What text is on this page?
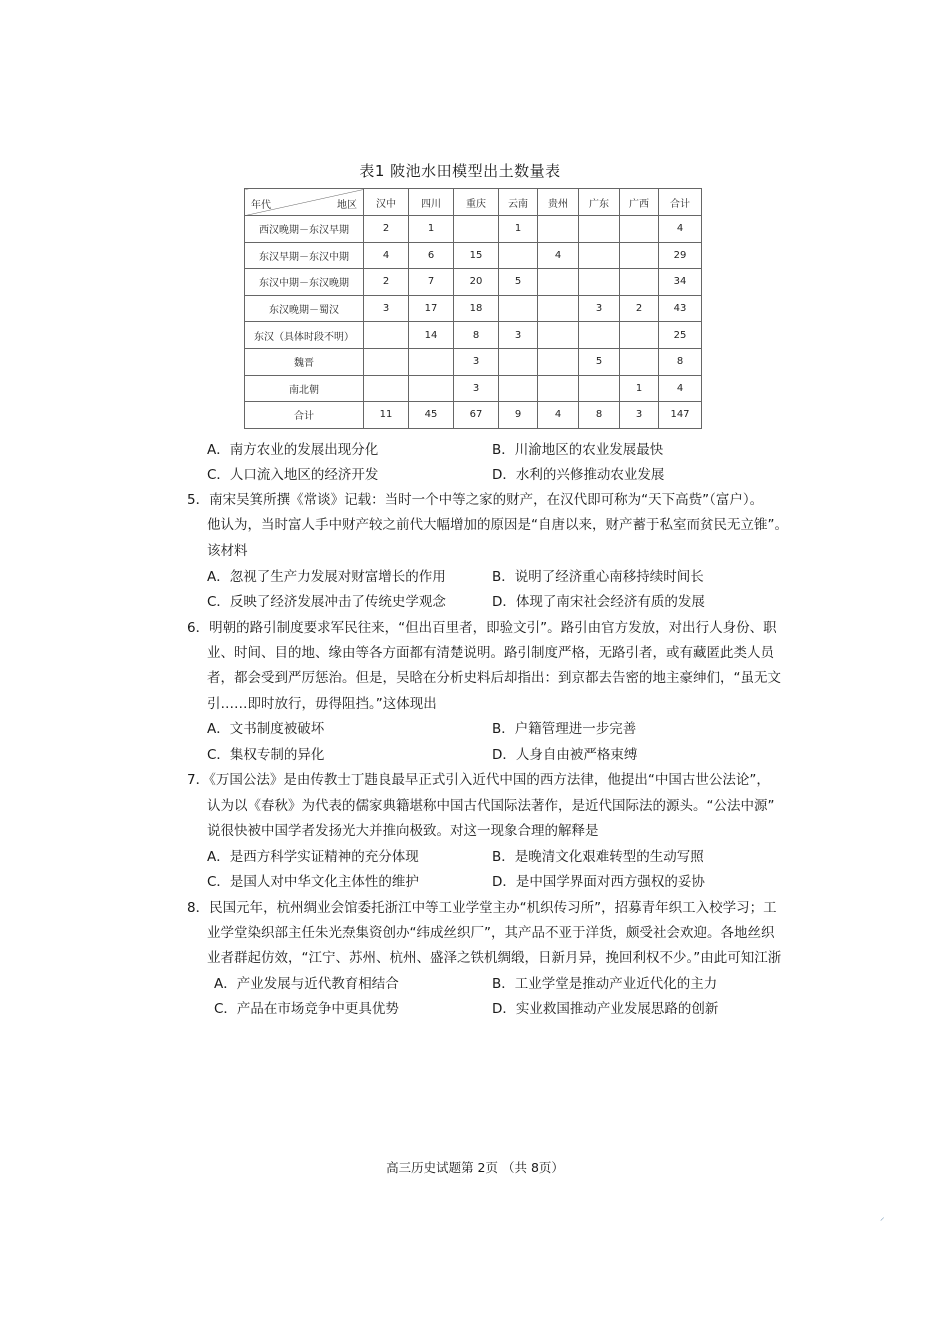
表1 陂池水田模型出土数量表
年代 地区	汉中	四川	重庆	云南	贵州	广东	广西	合计
西汉晚期－东汉早期	2	1		1				4
东汉早期－东汉中期	4	6	15		4			29
东汉中期－东汉晚期	2	7	20	5				34
东汉晚期－蜀汉	3	17	18			3	2	43
东汉（具体时段不明）		14	8	3				25
魏晋			3			5		8
南北朝			3				1	4
合计	11	45	67	9	4	8	3	147
A．南方农业的发展出现分化	B．川渝地区的农业发展最快
C．人口流入地区的经济开发	D．水利的兴修推动农业发展
5．南宋吴箕所撰《常谈》记载：当时一个中等之家的财产，在汉代即可称为“天下高赀”（富户）。
他认为，当时富人手中财产较之前代大幅增加的原因是“自唐以来，财产蓄于私室而贫民无立锥”。
该材料
A．忽视了生产力发展对财富增长的作用	B．说明了经济重心南移持续时间长
C．反映了经济发展冲击了传统史学观念	D．体现了南宋社会经济有质的发展
6．明朝的路引制度要求军民往来，“但出百里者，即验文引”。路引由官方发放，对出行人身份、职
业、时间、目的地、缘由等各方面都有清楚说明。路引制度严格，无路引者，或有藏匿此类人员
者，都会受到严厉惩治。但是，吴晗在分析史料后却指出：到京都去告密的地主豪绅们，“虽无文
引……即时放行，毋得阻挡。”这体现出
A．文书制度被破坏	B．户籍管理进一步完善
C．集权专制的异化	D．人身自由被严格束缚
7．《万国公法》是由传教士丁韪良最早正式引入近代中国的西方法律，他提出“中国古世公法论”，
认为以《春秋》为代表的儒家典籍堪称中国古代国际法著作，是近代国际法的源头。“公法中源”
说很快被中国学者发扬光大并推向极致。对这一现象合理的解释是
A．是西方科学实证精神的充分体现	B．是晚清文化艰难转型的生动写照
C．是国人对中华文化主体性的维护	D．是中国学界面对西方强权的妥协
8．民国元年，杭州绸业会馆委托浙江中等工业学堂主办“机织传习所”，招募青年织工入校学习；工
业学堂染织部主任朱光焘集资创办“纬成丝织厂”，其产品不亚于洋货，颇受社会欢迎。各地丝织
业者群起仿效，“江宁、苏州、杭州、盛泽之铁机绸缎，日新月异，挽回利权不少。”由此可知江浙
A．产业发展与近代教育相结合	B．工业学堂是推动产业近代化的主力
C．产品在市场竞争中更具优势	D．实业救国推动产业发展思路的创新
高三历史试题第 2页 （共 8页）
⸝
